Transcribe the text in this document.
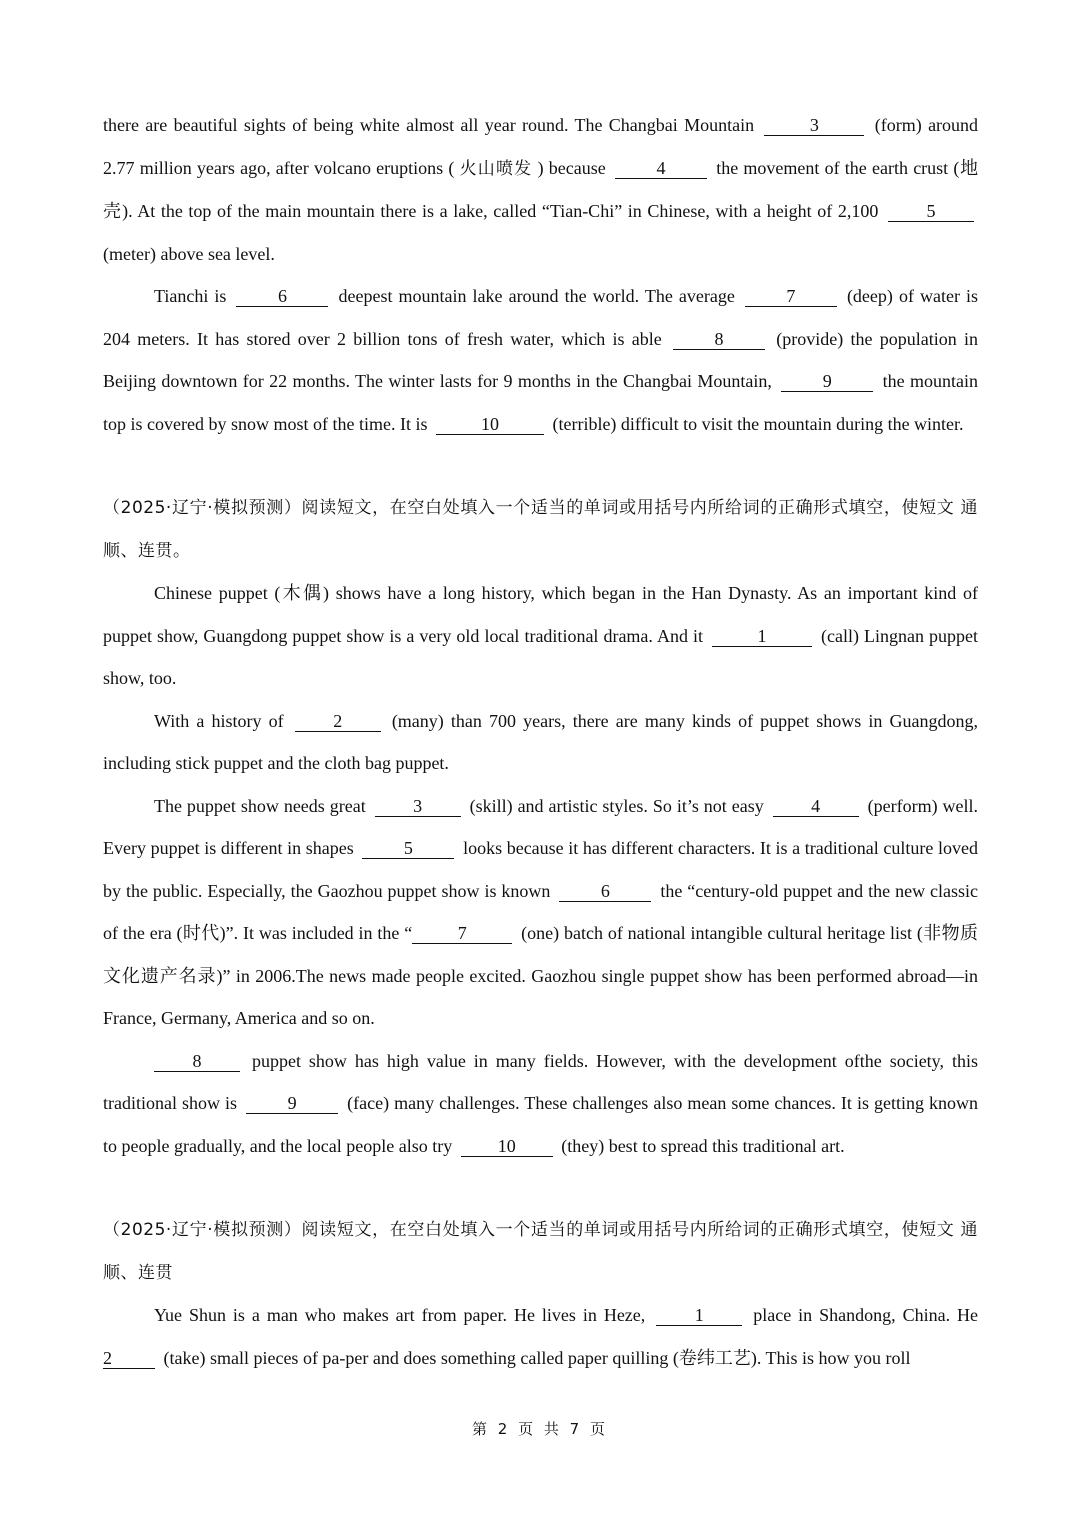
there are beautiful sights of being white almost all year round. The Changbai Mountain	3	(form) around 2.77 million years ago, after volcano eruptions ( 火山喷发 ) because	4	the movement of the earth crust (地壳). At the top of the main mountain there is a lake, called “Tian-Chi” in Chinese, with a height of 2,100	5 (meter) above sea level.

Tianchi is	6	deepest mountain lake around the world. The average	7	(deep) of water is 204 meters. It has stored over 2 billion tons of fresh water, which is able	8	(provide) the population in Beijing downtown for 22 months. The winter lasts for 9 months in the Changbai Mountain,	9	the mountain top is covered by snow most of the time. It is	10	(terrible) difficult to visit the mountain during the winter.

（2025·辽宁·模拟预测）阅读短文，在空白处填入一个适当的单词或用括号内所给词的正确形式填空，使短文 通顺、连贯。

Chinese puppet (木偶) shows have a long history, which began in the Han Dynasty. As an important kind of puppet show, Guangdong puppet show is a very old local traditional drama. And it	1	(call) Lingnan puppet show, too.

With a history of	2	(many) than 700 years, there are many kinds of puppet shows in Guangdong, including stick puppet and the cloth bag puppet.

The puppet show needs great	3	(skill) and artistic styles. So it’s not easy	4	(perform) well. Every puppet is different in shapes	5	looks because it has different characters. It is a traditional culture loved by the public. Especially, the Gaozhou puppet show is known	6	the “century-old puppet and the new classic of the era (时代)”. It was included in the “	7	(one) batch of national intangible cultural heritage list (非物质文化遗产名录)” in 2006.The news made people excited. Gaozhou single puppet show has been performed abroad—in France, Germany, America and so on.

8	puppet show has high value in many fields. However, with the development ofthe society, this traditional show is	9	(face) many challenges. These challenges also mean some chances. It is getting known to people gradually, and the local people also try	10	(they) best to spread this traditional art.

（2025·辽宁·模拟预测）阅读短文，在空白处填入一个适当的单词或用括号内所给词的正确形式填空，使短文 通顺、连贯

Yue Shun is a man who makes art from paper. He lives in Heze,	1	place in Shandong, China. He 2	(take) small pieces of pa-per and does something called paper quilling (卷纬工艺). This is how you roll

第 2 页 共 7 页
